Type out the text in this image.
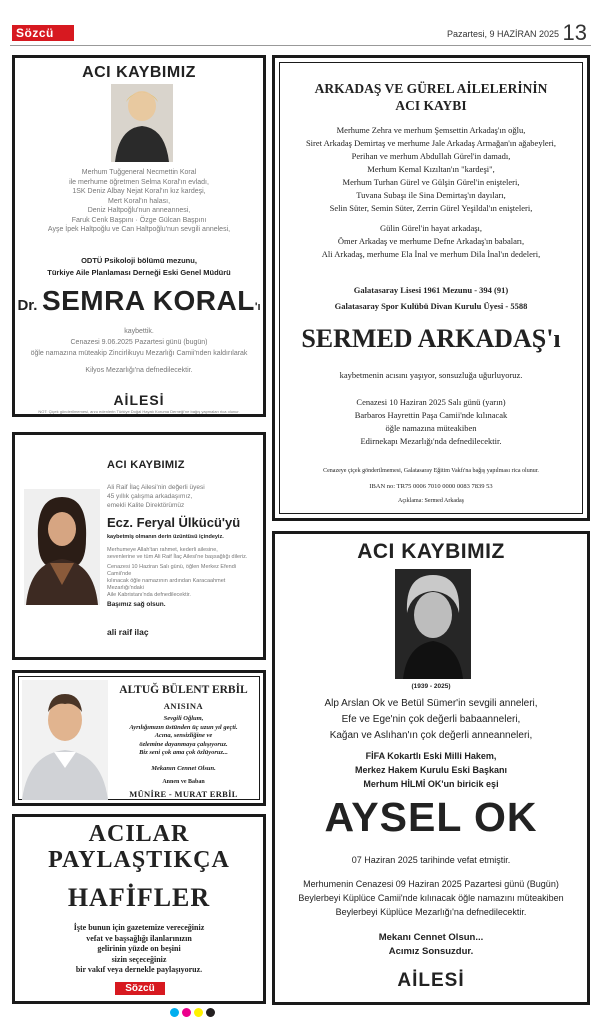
Sözcü	Pazartesi, 9 HAZİRAN 2025 13
ACI KAYBIMIZ
Merhum Tuğgeneral Necmettin Koral
ile merhume öğretmen Selma Koral'ın evladı,
1SK Deniz Albay Nejat Koral'ın kız kardeşi,
Mert Koral'ın halası,
Deniz Haltpoğlu'nun anneannesi,
Faruk Cenk Başpını · Özge Gülcan Başpını
Ayşe İpek Haltpoğlu ve Can Haltpoğlu'nun sevgili annelesi,
ODTÜ Psikoloji bölümü mezunu,
Türkiye Aile Planlaması Derneği Eski Genel Müdürü
Dr. SEMRA KORAL'ı
kaybettik.
Cenazesi 9.06.2025 Pazartesi günü (bugün)
öğle namazına müteakip Zincirlikuyu Mezarlığı Camii'nden kaldırılarak
Kilyos Mezarlığı'na defnedilecektir.
AİLESİ
NOT: Çiçek gönderilmemesi, arzu edenlerin Türkiye Doğal Hayatı Koruma Derneği'ne bağış yapmaları rica olunur.
ARKADAŞ VE GÜREL AİLELERİNİN
ACI KAYBI
Merhume Zehra ve merhum Şemsettin Arkadaş'ın oğlu,
Siret Arkadaş Demirtaş ve merhume Jale Arkadaş Armağan'ın ağabeyleri,
Perihan ve merhum Abdullah Gürel'in damadı,
Merhum Kemal Kızıltan'ın "kardeşi",
Merhum Turhan Gürel ve Gülşin Gürel'in enişteleri,
Tuvana Subaşı ile Sina Demirtaş'ın dayıları,
Selin Süter, Semin Süter, Zerrin Gürel Yeşildal'ın enişteleri,
Gülin Gürel'in hayat arkadaşı,
Ömer Arkadaş ve merhume Defne Arkadaş'ın babaları,
Ali Arkadaş, merhume Ela İnal ve merhum Dila İnal'ın dedeleri,
Galatasaray Lisesi 1961 Mezunu - 394 (91)
Galatasaray Spor Kulübü Divan Kurulu Üyesi - 5588
SERMED ARKADAŞ'ı
kaybetmenin acısını yaşıyor, sonsuzluğa uğurluyoruz.
Cenazesi 10 Haziran 2025 Salı günü (yarın)
Barbaros Hayrettin Paşa Camii'nde kılınacak
öğle namazına müteakiben
Edirnekapı Mezarlığı'nda defnedilecektir.
Cenazeye çiçek gönderilmemesi, Galatasaray Eğitim Vakfı'na bağış yapılması rica olunur.
IBAN no: TR75 0006 7010 0000 0083 7839 53
Açıklama: Sermed Arkadaş
ACI KAYBIMIZ
Ali Raif İlaç Ailesi'nin değerli üyesi
45 yıllık çalışma arkadaşımız,
emekli Kalite Direktörümüz
Ecz. Feryal Ülkücü'yü
kaybetmiş olmanın derin üzüntüsü içindeyiz.
Merhumeye Allah'tan rahmet, kederli ailesine,
sevenlerine ve tüm Ali Raif İlaç Ailesi'ne başsağlığı dileriz.
Cenazesi 10 Haziran Salı günü, öğlen Merkez Efendi Camii'nde
kılınacak öğle namazının ardından Karacaahmet Mezarlığı'ndaki
Aile Kabristanı'nda defnedilecektir.
Başımız sağ olsun.
ali raif ilaç
ALTUĞ BÜLENT ERBİL
ANISINA
Sevgili Oğlum,
Ayrılığımızın üstünden üç uzun yıl geçti.
Acına, sensizliğine ve
özlemine dayanmaya çalışıyoruz.
Biz seni çok ama çok özlüyoruz...
Mekanın Cennet Olsun.
Annen ve Baban
MÜNİRE - MURAT ERBİL
ACILAR
PAYLAŞTIKÇA
HAFİFLER
İşte bunun için gazetemize vereceğiniz
vefat ve başsağlığı ilanlarınızın
gelirinin yüzde on beşini
sizin seçeceğiniz
bir vakıf veya dernekle paylaşıyoruz.
Sözcü
ACI KAYBIMIZ
(1939 - 2025)
Alp Arslan Ok ve Betül Sümer'in sevgili anneleri,
Efe ve Ege'nin çok değerli babaanneleri,
Kağan ve Aslıhan'ın çok değerli anneanneleri,
FİFA Kokartlı Eski Milli Hakem,
Merkez Hakem Kurulu Eski Başkanı
Merhum HİLMİ OK'un biricik eşi
AYSEL OK
07 Haziran 2025 tarihinde vefat etmiştir.
Merhumenin Cenazesi 09 Haziran 2025 Pazartesi günü (Bugün)
Beylerbeyi Küplüce Camii'nde kılınacak öğle namazını müteakiben
Beylerbeyi Küplüce Mezarlığı'na defnedilecektir.
Mekanı Cennet Olsun...
Acımız Sonsuzdur.
AİLESİ
